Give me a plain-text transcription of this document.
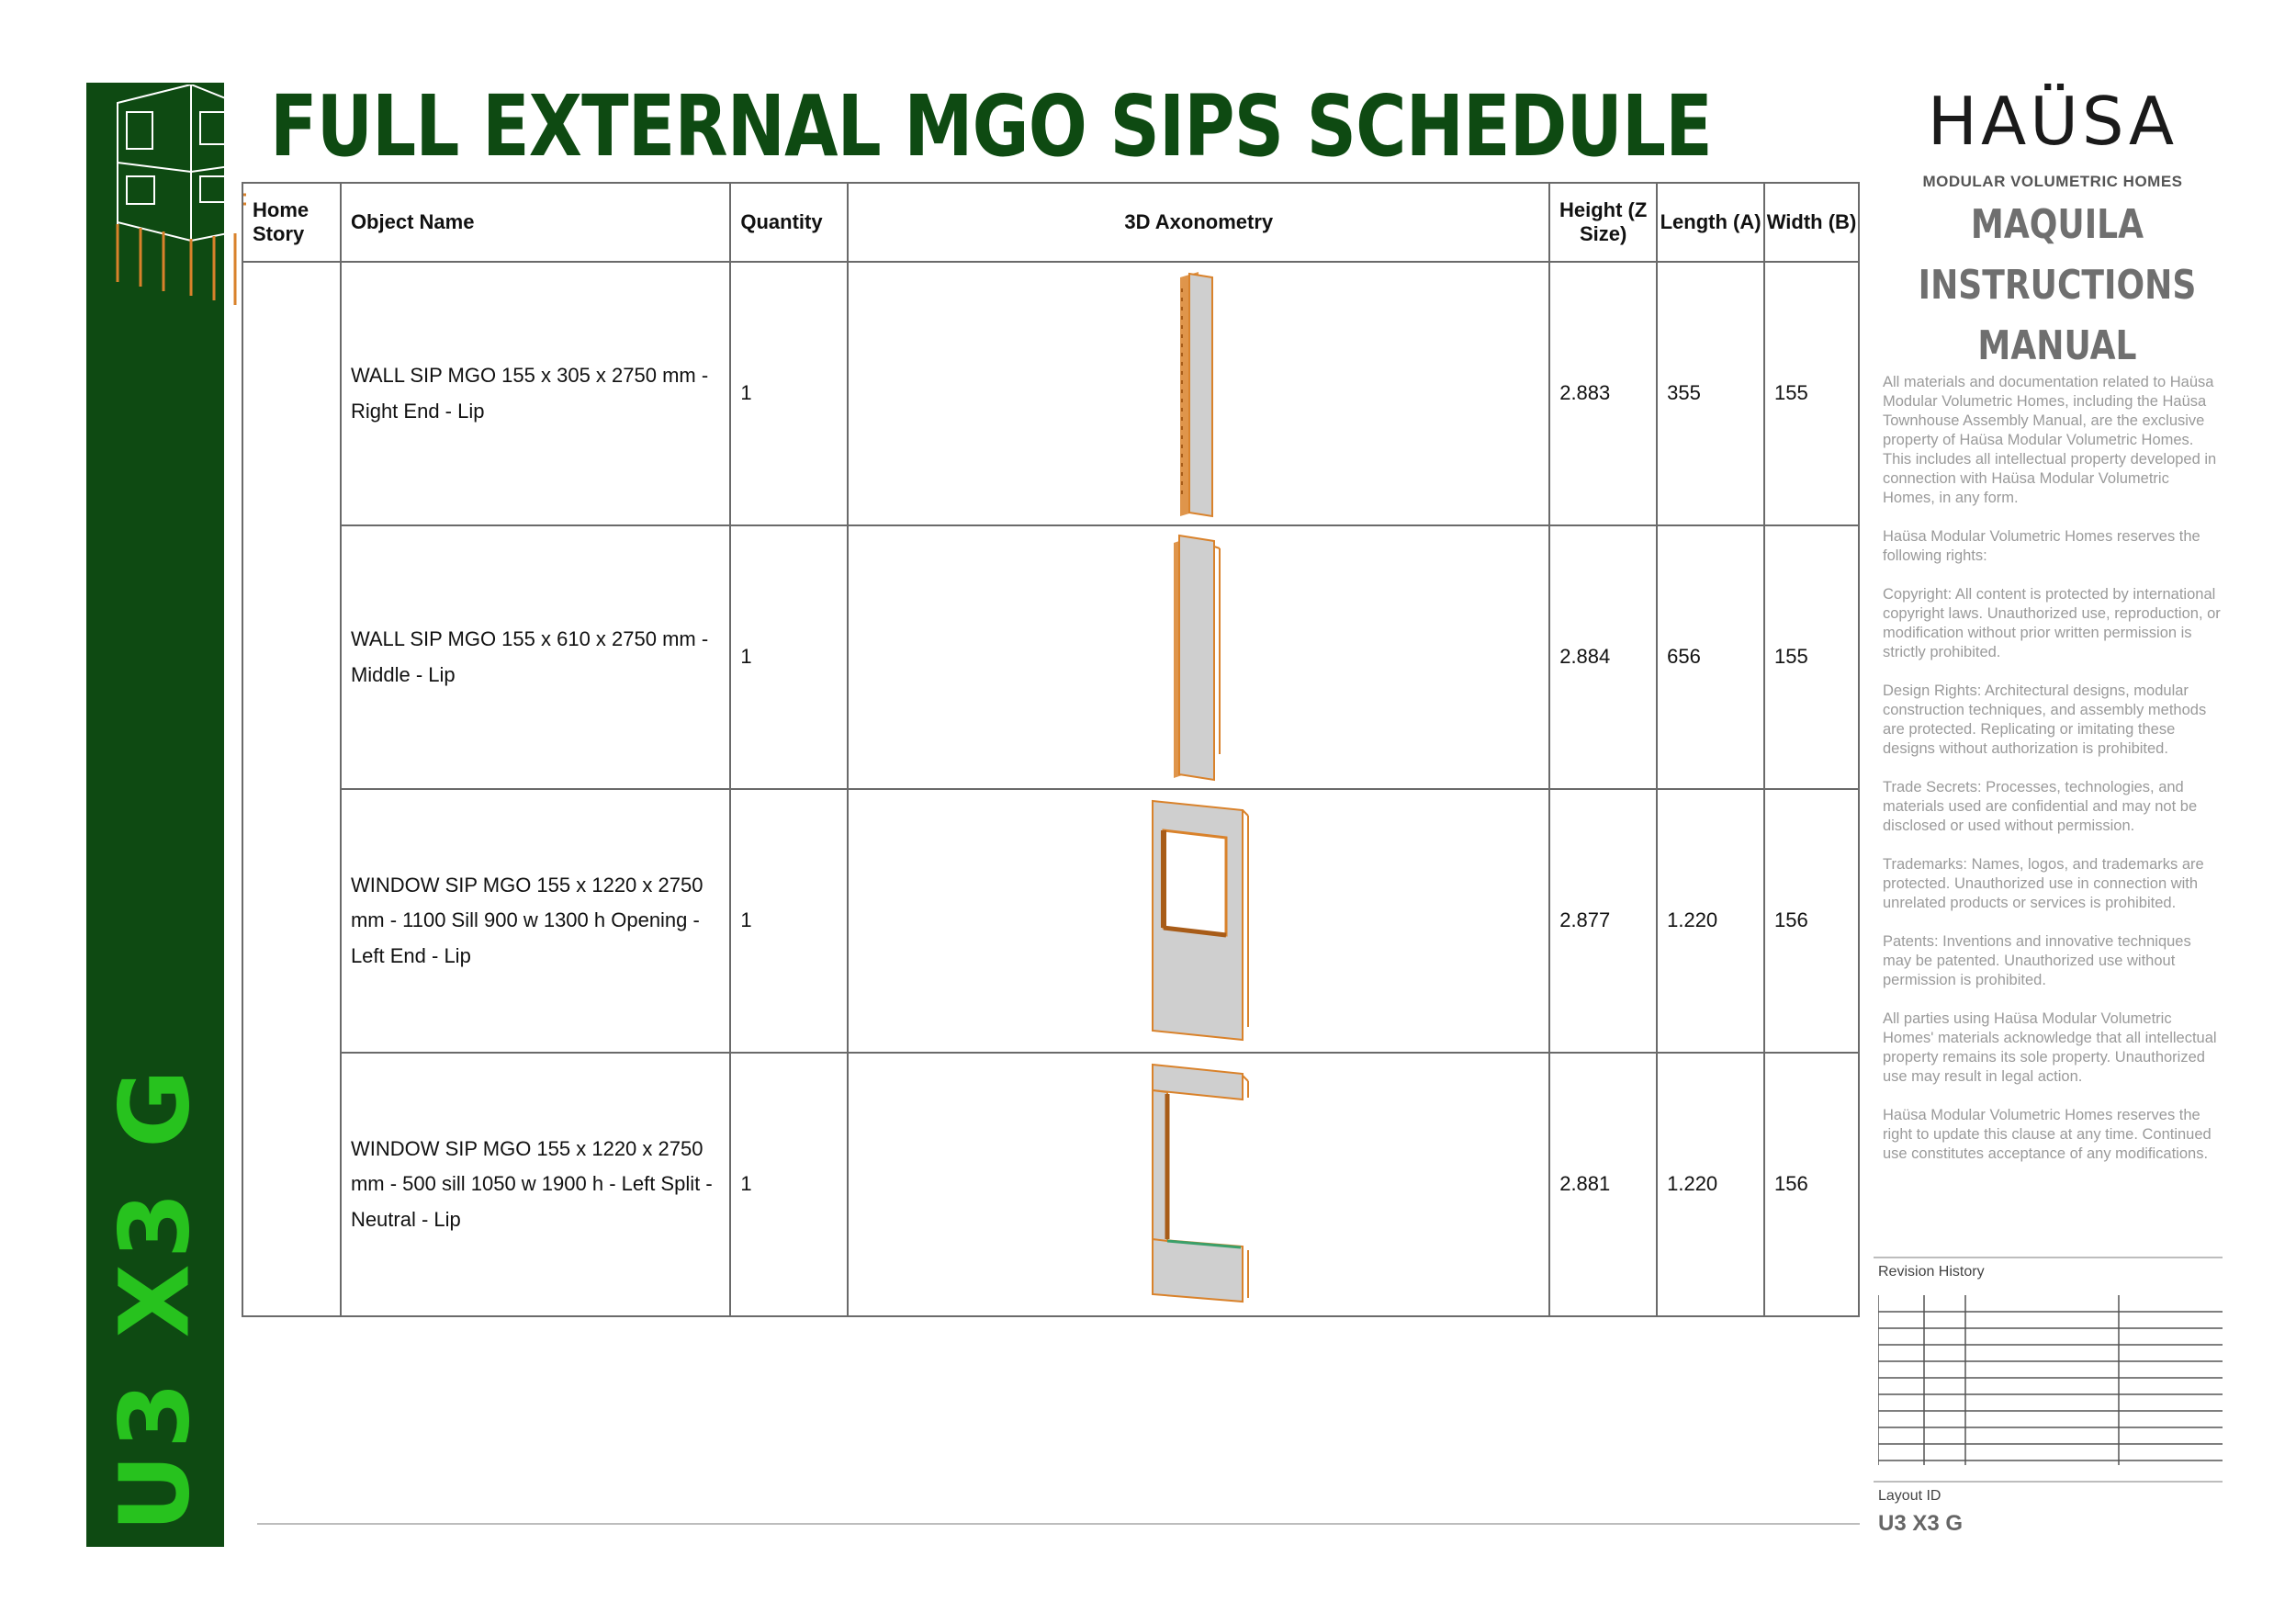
U3 X3 G
FULL EXTERNAL MGO SIPS SCHEDULE
Home Story	Object Name	Quantity	3D Axonometry	Height (Z Size)	Length (A)	Width (B)
	WALL SIP MGO 155 x 305 x 2750 mm - Right End - Lip	1		2.883	355	155
	WALL SIP MGO 155 x 610 x 2750 mm - Middle - Lip	1		2.884	656	155
	WINDOW SIP MGO 155 x 1220 x 2750 mm - 1100 Sill 900 w 1300 h Opening - Left End - Lip	1		2.877	1.220	156
	WINDOW SIP MGO 155 x 1220 x 2750 mm - 500 sill 1050 w 1900 h - Left Split - Neutral - Lip	1		2.881	1.220	156
HAÜSA
MODULAR VOLUMETRIC HOMES
MAQUILA
INSTRUCTIONS
MANUAL

All materials and documentation related to Haüsa Modular Volumetric Homes, including the Haüsa Townhouse Assembly Manual, are the exclusive property of Haüsa Modular Volumetric Homes. This includes all intellectual property developed in connection with Haüsa Modular Volumetric Homes, in any form.

Haüsa Modular Volumetric Homes reserves the following rights:

Copyright: All content is protected by international copyright laws. Unauthorized use, reproduction, or modification without prior written permission is strictly prohibited.

Design Rights: Architectural designs, modular construction techniques, and assembly methods are protected. Replicating or imitating these designs without authorization is prohibited.

Trade Secrets: Processes, technologies, and materials used are confidential and may not be disclosed or used without permission.

Trademarks: Names, logos, and trademarks are protected. Unauthorized use in connection with unrelated products or services is prohibited.

Patents: Inventions and innovative techniques may be patented. Unauthorized use without permission is prohibited.

All parties using Haüsa Modular Volumetric Homes' materials acknowledge that all intellectual property remains its sole property. Unauthorized use may result in legal action.

Haüsa Modular Volumetric Homes reserves the right to update this clause at any time. Continued use constitutes acceptance of any modifications.

Revision History
Layout ID
U3 X3 G
